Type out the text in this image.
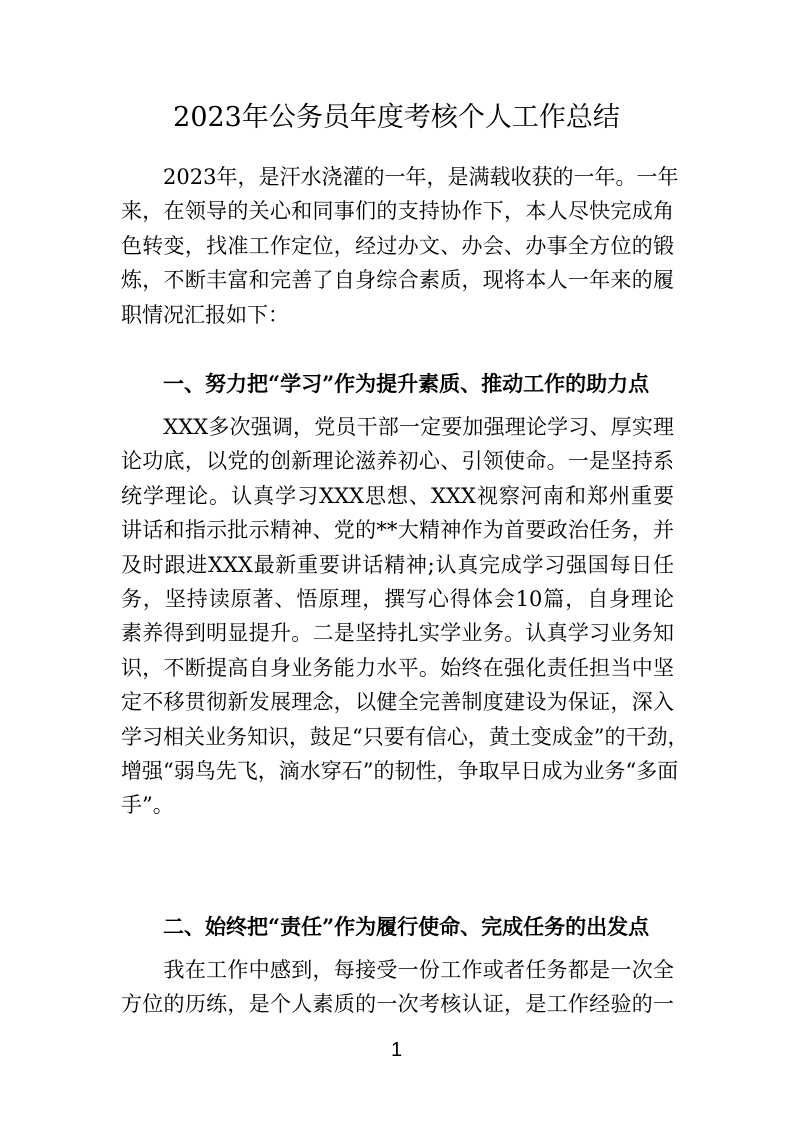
2023年公务员年度考核个人工作总结
　　2023年，是汗水浇灌的一年，是满载收获的一年。一年
来，在领导的关心和同事们的支持协作下，本人尽快完成角
色转变，找准工作定位，经过办文、办会、办事全方位的锻
炼，不断丰富和完善了自身综合素质，现将本人一年来的履
职情况汇报如下：
一、努力把“学习”作为提升素质、推动工作的助力点
　　XXX多次强调，党员干部一定要加强理论学习、厚实理
论功底，以党的创新理论滋养初心、引领使命。一是坚持系
统学理论。认真学习XXX思想、XXX视察河南和郑州重要
讲话和指示批示精神、党的**大精神作为首要政治任务，并
及时跟进XXX最新重要讲话精神;认真完成学习强国每日任
务，坚持读原著、悟原理，撰写心得体会10篇，自身理论
素养得到明显提升。二是坚持扎实学业务。认真学习业务知
识，不断提高自身业务能力水平。始终在强化责任担当中坚
定不移贯彻新发展理念，以健全完善制度建设为保证，深入
学习相关业务知识，鼓足“只要有信心，黄土变成金”的干劲，
增强“弱鸟先飞，滴水穿石”的韧性，争取早日成为业务“多面
手”。
二、始终把“责任”作为履行使命、完成任务的出发点
　　我在工作中感到，每接受一份工作或者任务都是一次全
方位的历练，是个人素质的一次考核认证，是工作经验的一
1
